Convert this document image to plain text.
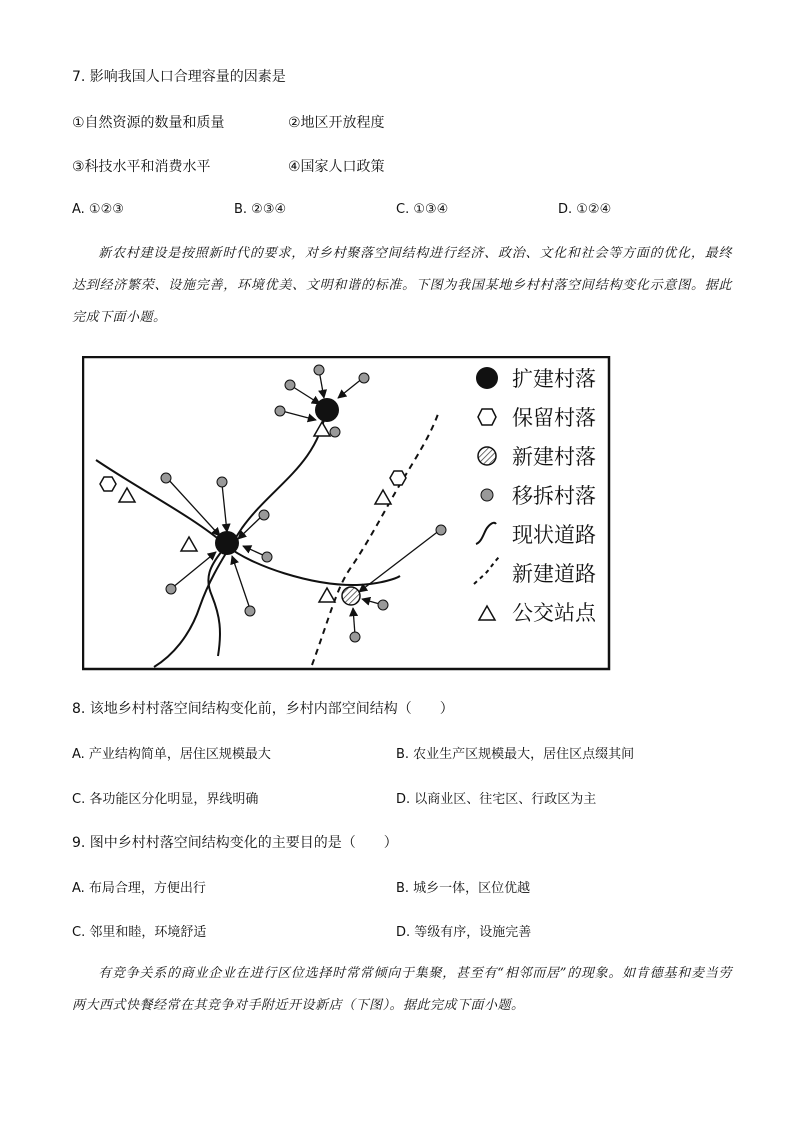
7. 影响我国人口合理容量的因素是
①自然资源的数量和质量	②地区开放程度
③科技水平和消费水平	④国家人口政策
A. ①②③	B. ②③④	C. ①③④	D. ①②④
新农村建设是按照新时代的要求，对乡村聚落空间结构进行经济、政治、文化和社会等方面的优化，最终达到经济繁荣、设施完善，环境优美、文明和谐的标准。下图为我国某地乡村村落空间结构变化示意图。据此完成下面小题。
扩建村落
保留村落
新建村落
移拆村落
现状道路
新建道路
公交站点
8. 该地乡村村落空间结构变化前，乡村内部空间结构（　　）
A. 产业结构简单，居住区规模最大	B. 农业生产区规模最大，居住区点缀其间
C. 各功能区分化明显，界线明确	D. 以商业区、往宅区、行政区为主
9. 图中乡村村落空间结构变化的主要目的是（　　）
A. 布局合理，方便出行	B. 城乡一体，区位优越
C. 邻里和睦，环境舒适	D. 等级有序，设施完善
有竞争关系的商业企业在进行区位选择时常常倾向于集聚，甚至有“相邻而居”的现象。如肯德基和麦当劳两大西式快餐经常在其竞争对手附近开设新店（下图）。据此完成下面小题。
